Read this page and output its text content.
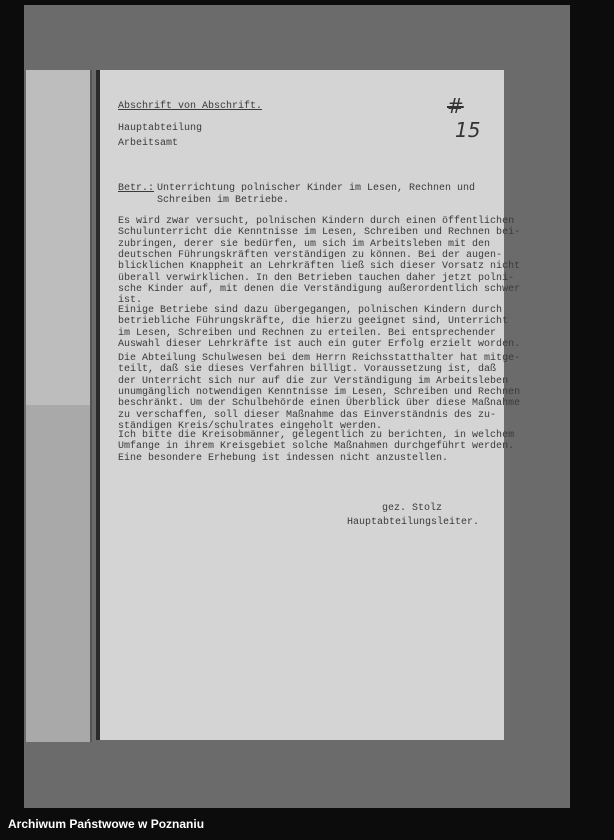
Abschrift von Abschrift.
Hauptabteilung
Arbeitsamt
#
15
Betr.: Unterrichtung polnischer Kinder im Lesen, Rechnen und
Schreiben im Betriebe.
Es wird zwar versucht, polnischen Kindern durch einen öffentlichen
Schulunterricht die Kenntnisse im Lesen, Schreiben und Rechnen bei-
zubringen, derer sie bedürfen, um sich im Arbeitsleben mit den
deutschen Führungskräften verständigen zu können. Bei der augen-
blicklichen Knappheit an Lehrkräften ließ sich dieser Vorsatz nicht
überall verwirklichen. In den Betrieben tauchen daher jetzt polni-
sche Kinder auf, mit denen die Verständigung außerordentlich schwer
ist.
Einige Betriebe sind dazu übergegangen, polnischen Kindern durch
betriebliche Führungskräfte, die hierzu geeignet sind, Unterricht
im Lesen, Schreiben und Rechnen zu erteilen. Bei entsprechender
Auswahl dieser Lehrkräfte ist auch ein guter Erfolg erzielt worden.
Die Abteilung Schulwesen bei dem Herrn Reichsstatthalter hat mitge-
teilt, daß sie dieses Verfahren billigt. Voraussetzung ist, daß
der Unterricht sich nur auf die zur Verständigung im Arbeitsleben
unumgänglich notwendigen Kenntnisse im Lesen, Schreiben und Rechnen
beschränkt. Um der Schulbehörde einen Überblick über diese Maßnahme
zu verschaffen, soll dieser Maßnahme das Einverständnis des zu-
ständigen Kreis/schulrates eingeholt werden.
Ich bitte die Kreisobmänner, gelegentlich zu berichten, in welchem
Umfange in ihrem Kreisgebiet solche Maßnahmen durchgeführt werden.
Eine besondere Erhebung ist indessen nicht anzustellen.
gez. Stolz
Hauptabteilungsleiter.
Archiwum Państwowe w Poznaniu
